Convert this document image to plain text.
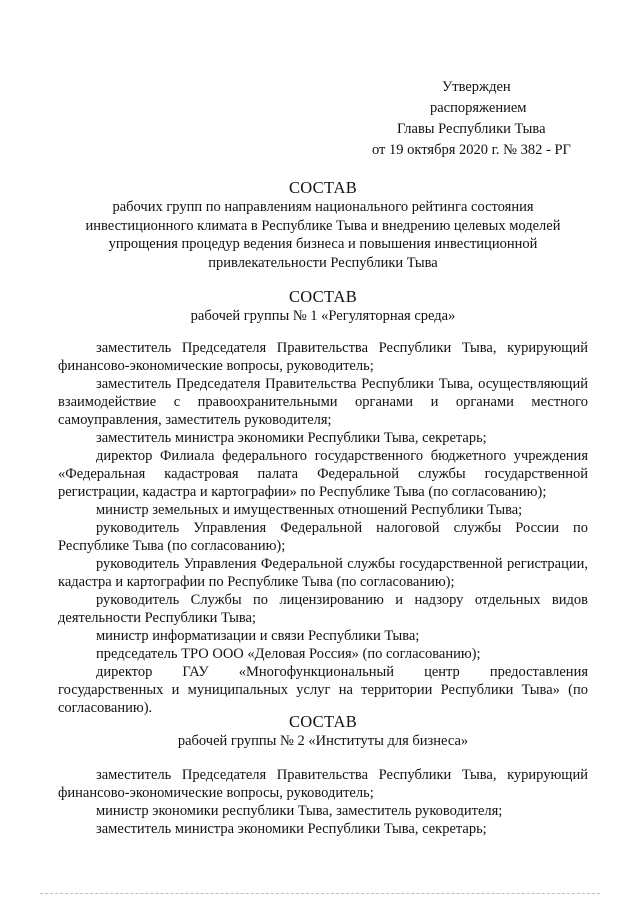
Утвержден
распоряжением
Главы Республики Тыва
от 19 октября 2020 г. № 382 - РГ
СОСТАВ
рабочих групп по направлениям национального рейтинга состояния
инвестиционного климата в Республике Тыва и внедрению целевых моделей
упрощения процедур ведения бизнеса и повышения инвестиционной
привлекательности Республики Тыва
СОСТАВ
рабочей группы № 1 «Регуляторная среда»

заместитель Председателя Правительства Республики Тыва, курирующий финансово-экономические вопросы, руководитель;

заместитель Председателя Правительства Республики Тыва, осуществляющий взаимодействие с правоохранительными органами и органами местного самоуправления, заместитель руководителя;

заместитель министра экономики Республики Тыва, секретарь;

директор Филиала федерального государственного бюджетного учреждения «Федеральная кадастровая палата Федеральной службы государственной регистрации, кадастра и картографии» по Республике Тыва (по согласованию);

министр земельных и имущественных отношений Республики Тыва;

руководитель Управления Федеральной налоговой службы России по Республике Тыва (по согласованию);

руководитель Управления Федеральной службы государственной регистрации, кадастра и картографии по Республике Тыва (по согласованию);

руководитель Службы по лицензированию и надзору отдельных видов деятельности Республики Тыва;

министр информатизации и связи Республики Тыва;

председатель ТРО ООО «Деловая Россия» (по согласованию);

директор ГАУ «Многофункциональный центр предоставления государственных и муниципальных услуг на территории Республики Тыва» (по согласованию).

СОСТАВ
рабочей группы № 2 «Институты для бизнеса»

заместитель Председателя Правительства Республики Тыва, курирующий финансово-экономические вопросы, руководитель;

министр экономики республики Тыва, заместитель руководителя;

заместитель министра экономики Республики Тыва, секретарь;
